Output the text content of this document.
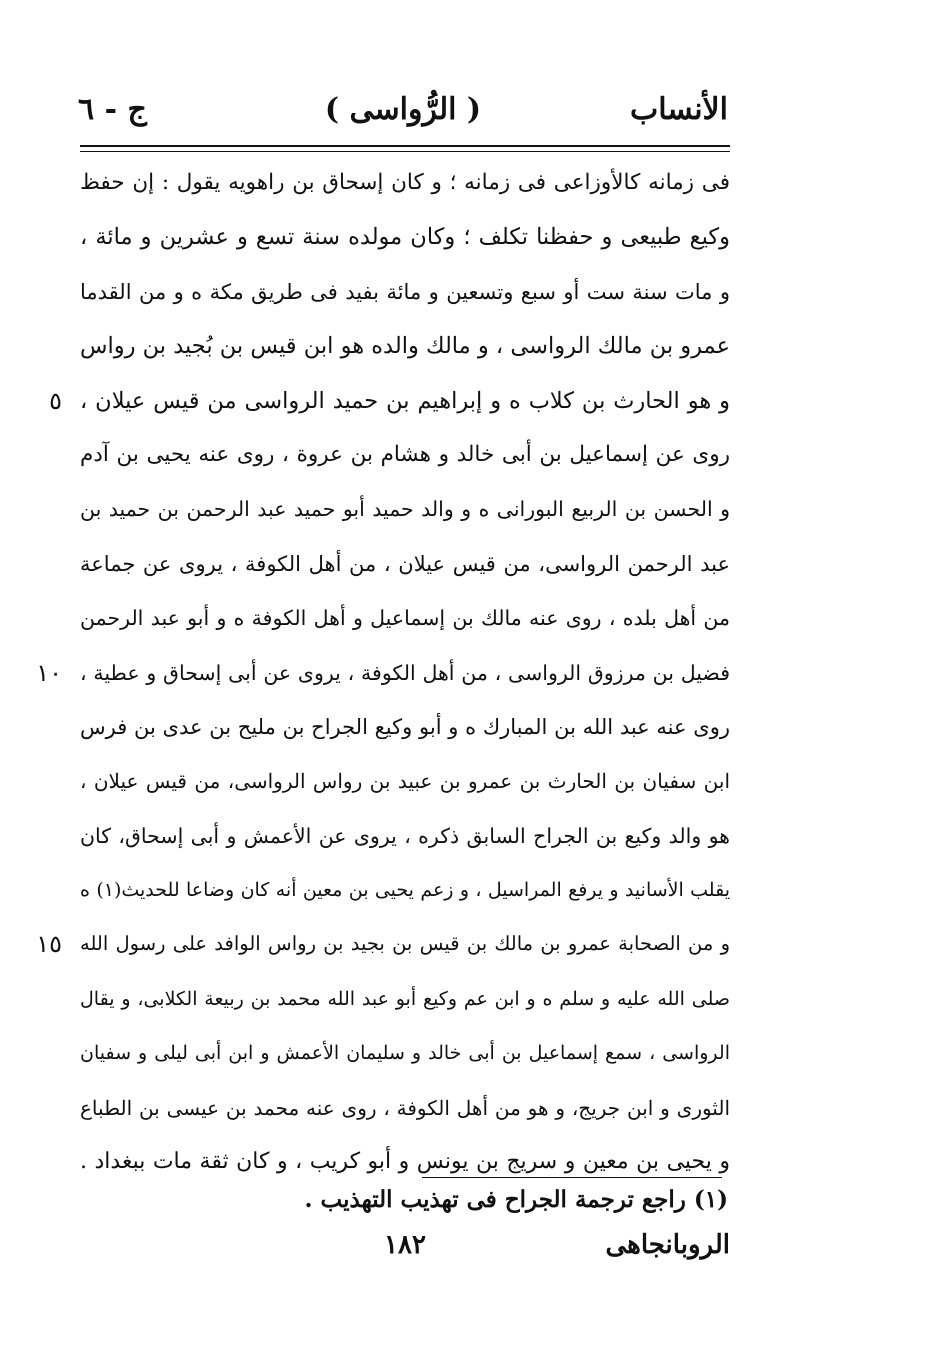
الأنساب
( الرُّواسى )
ج - ٦
فى زمانه كالأوزاعى فى زمانه ؛ و كان إسحاق بن راهويه يقول : إن حفظ
وكيع طبيعى و حفظنا تكلف ؛ وكان مولده سنة تسع و عشرين و مائة ،
و مات سنة ست أو سبع وتسعين و مائة بفيد فى طريق مكة ه و من القدما
عمرو بن مالك الرواسى ، و مالك والده هو ابن قيس بن بُجيد بن رواس
و هو الحارث بن كلاب ه و إبراهيم بن حميد الرواسى من قيس عيلان ،
٥
روى عن إسماعيل بن أبى خالد و هشام بن عروة ، روى عنه يحيى بن آدم
و الحسن بن الربيع البورانى ه و والد حميد أبو حميد عبد الرحمن بن حميد بن
عبد الرحمن الرواسى، من قيس عيلان ، من أهل الكوفة ، يروى عن جماعة
من أهل بلده ، روى عنه مالك بن إسماعيل و أهل الكوفة ه و أبو عبد الرحمن
فضيل بن مرزوق الرواسى ، من أهل الكوفة ، يروى عن أبى إسحاق و عطية ،
١٠
روى عنه عبد الله بن المبارك ه و أبو وكيع الجراح بن مليح بن عدى بن فرس
ابن سفيان بن الحارث بن عمرو بن عبيد بن رواس الرواسى، من قيس عيلان ،
هو والد وكيع بن الجراح السابق ذكره ، يروى عن الأعمش و أبى إسحاق، كان
يقلب الأسانيد و يرفع المراسيل ، و زعم يحيى بن معين أنه كان وضاعا للحديث(١) ه
و من الصحابة عمرو بن مالك بن قيس بن بجيد بن رواس الوافد على رسول الله
١٥
صلى الله عليه و سلم ه و ابن عم وكيع أبو عبد الله محمد بن ربيعة الكلابى، و يقال
الرواسى ، سمع إسماعيل بن أبى خالد و سليمان الأعمش و ابن أبى ليلى و سفيان
الثورى و ابن جريج، و هو من أهل الكوفة ، روى عنه محمد بن عيسى بن الطباع
و يحيى بن معين و سريج بن يونس و أبو كريب ، و كان ثقة مات ببغداد .
(١) راجع ترجمة الجراح فى تهذيب التهذيب .
١٨٢	الروبانجاهى
